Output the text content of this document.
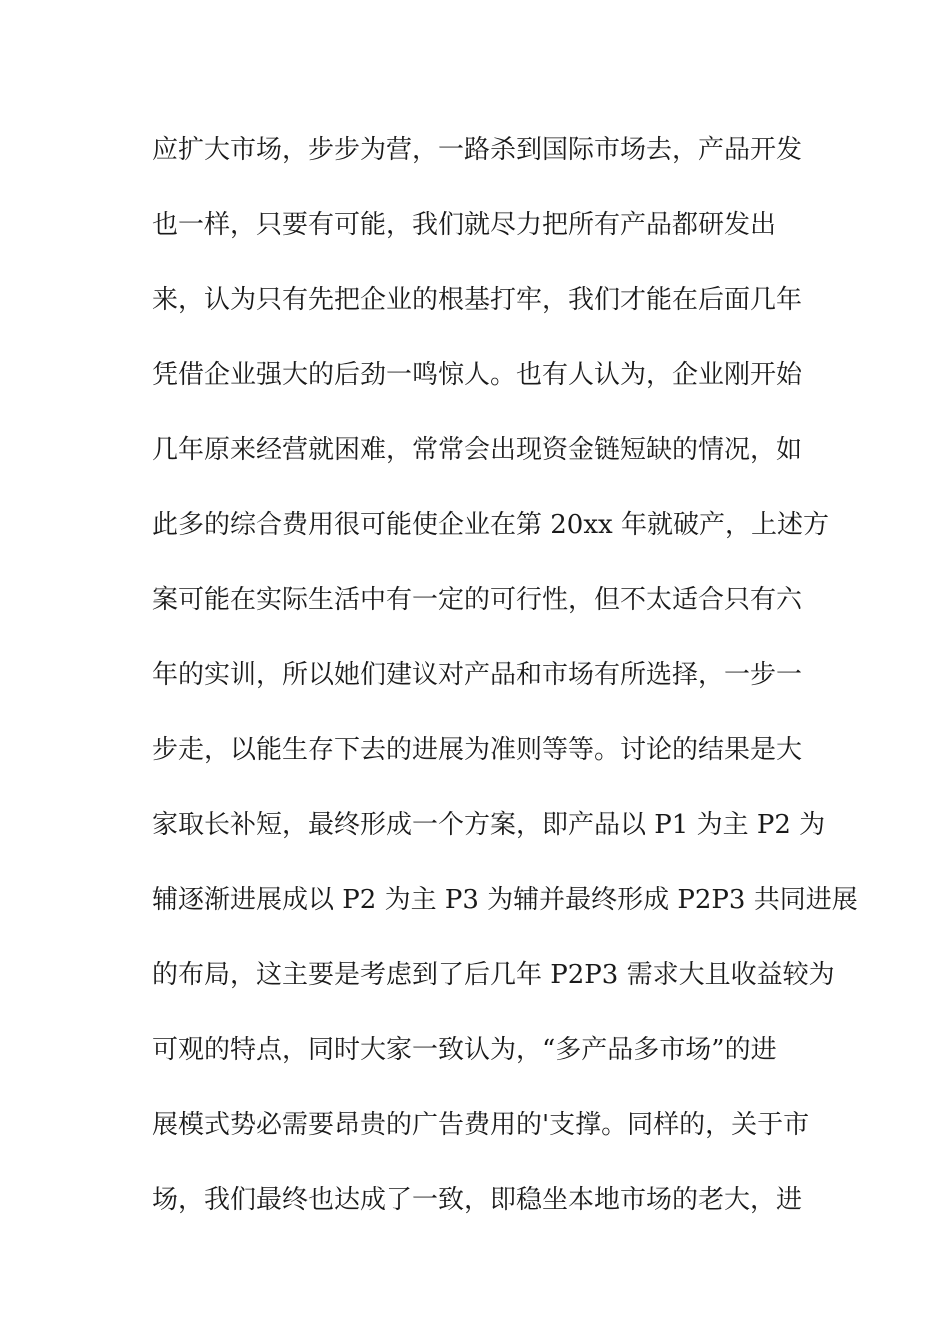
应扩大市场，步步为营，一路杀到国际市场去，产品开发
也一样，只要有可能，我们就尽力把所有产品都研发出
来，认为只有先把企业的根基打牢，我们才能在后面几年
凭借企业强大的后劲一鸣惊人。也有人认为，企业刚开始
几年原来经营就困难，常常会出现资金链短缺的情况，如
此多的综合费用很可能使企业在第 20xx 年就破产，上述方
案可能在实际生活中有一定的可行性，但不太适合只有六
年的实训，所以她们建议对产品和市场有所选择，一步一
步走，以能生存下去的进展为准则等等。讨论的结果是大
家取长补短，最终形成一个方案，即产品以 P1 为主 P2 为
辅逐渐进展成以 P2 为主 P3 为辅并最终形成 P2P3 共同进展
的布局，这主要是考虑到了后几年 P2P3 需求大且收益较为
可观的特点，同时大家一致认为，“多产品多市场”的进
展模式势必需要昂贵的广告费用的'支撑。同样的，关于市
场，我们最终也达成了一致，即稳坐本地市场的老大，进
